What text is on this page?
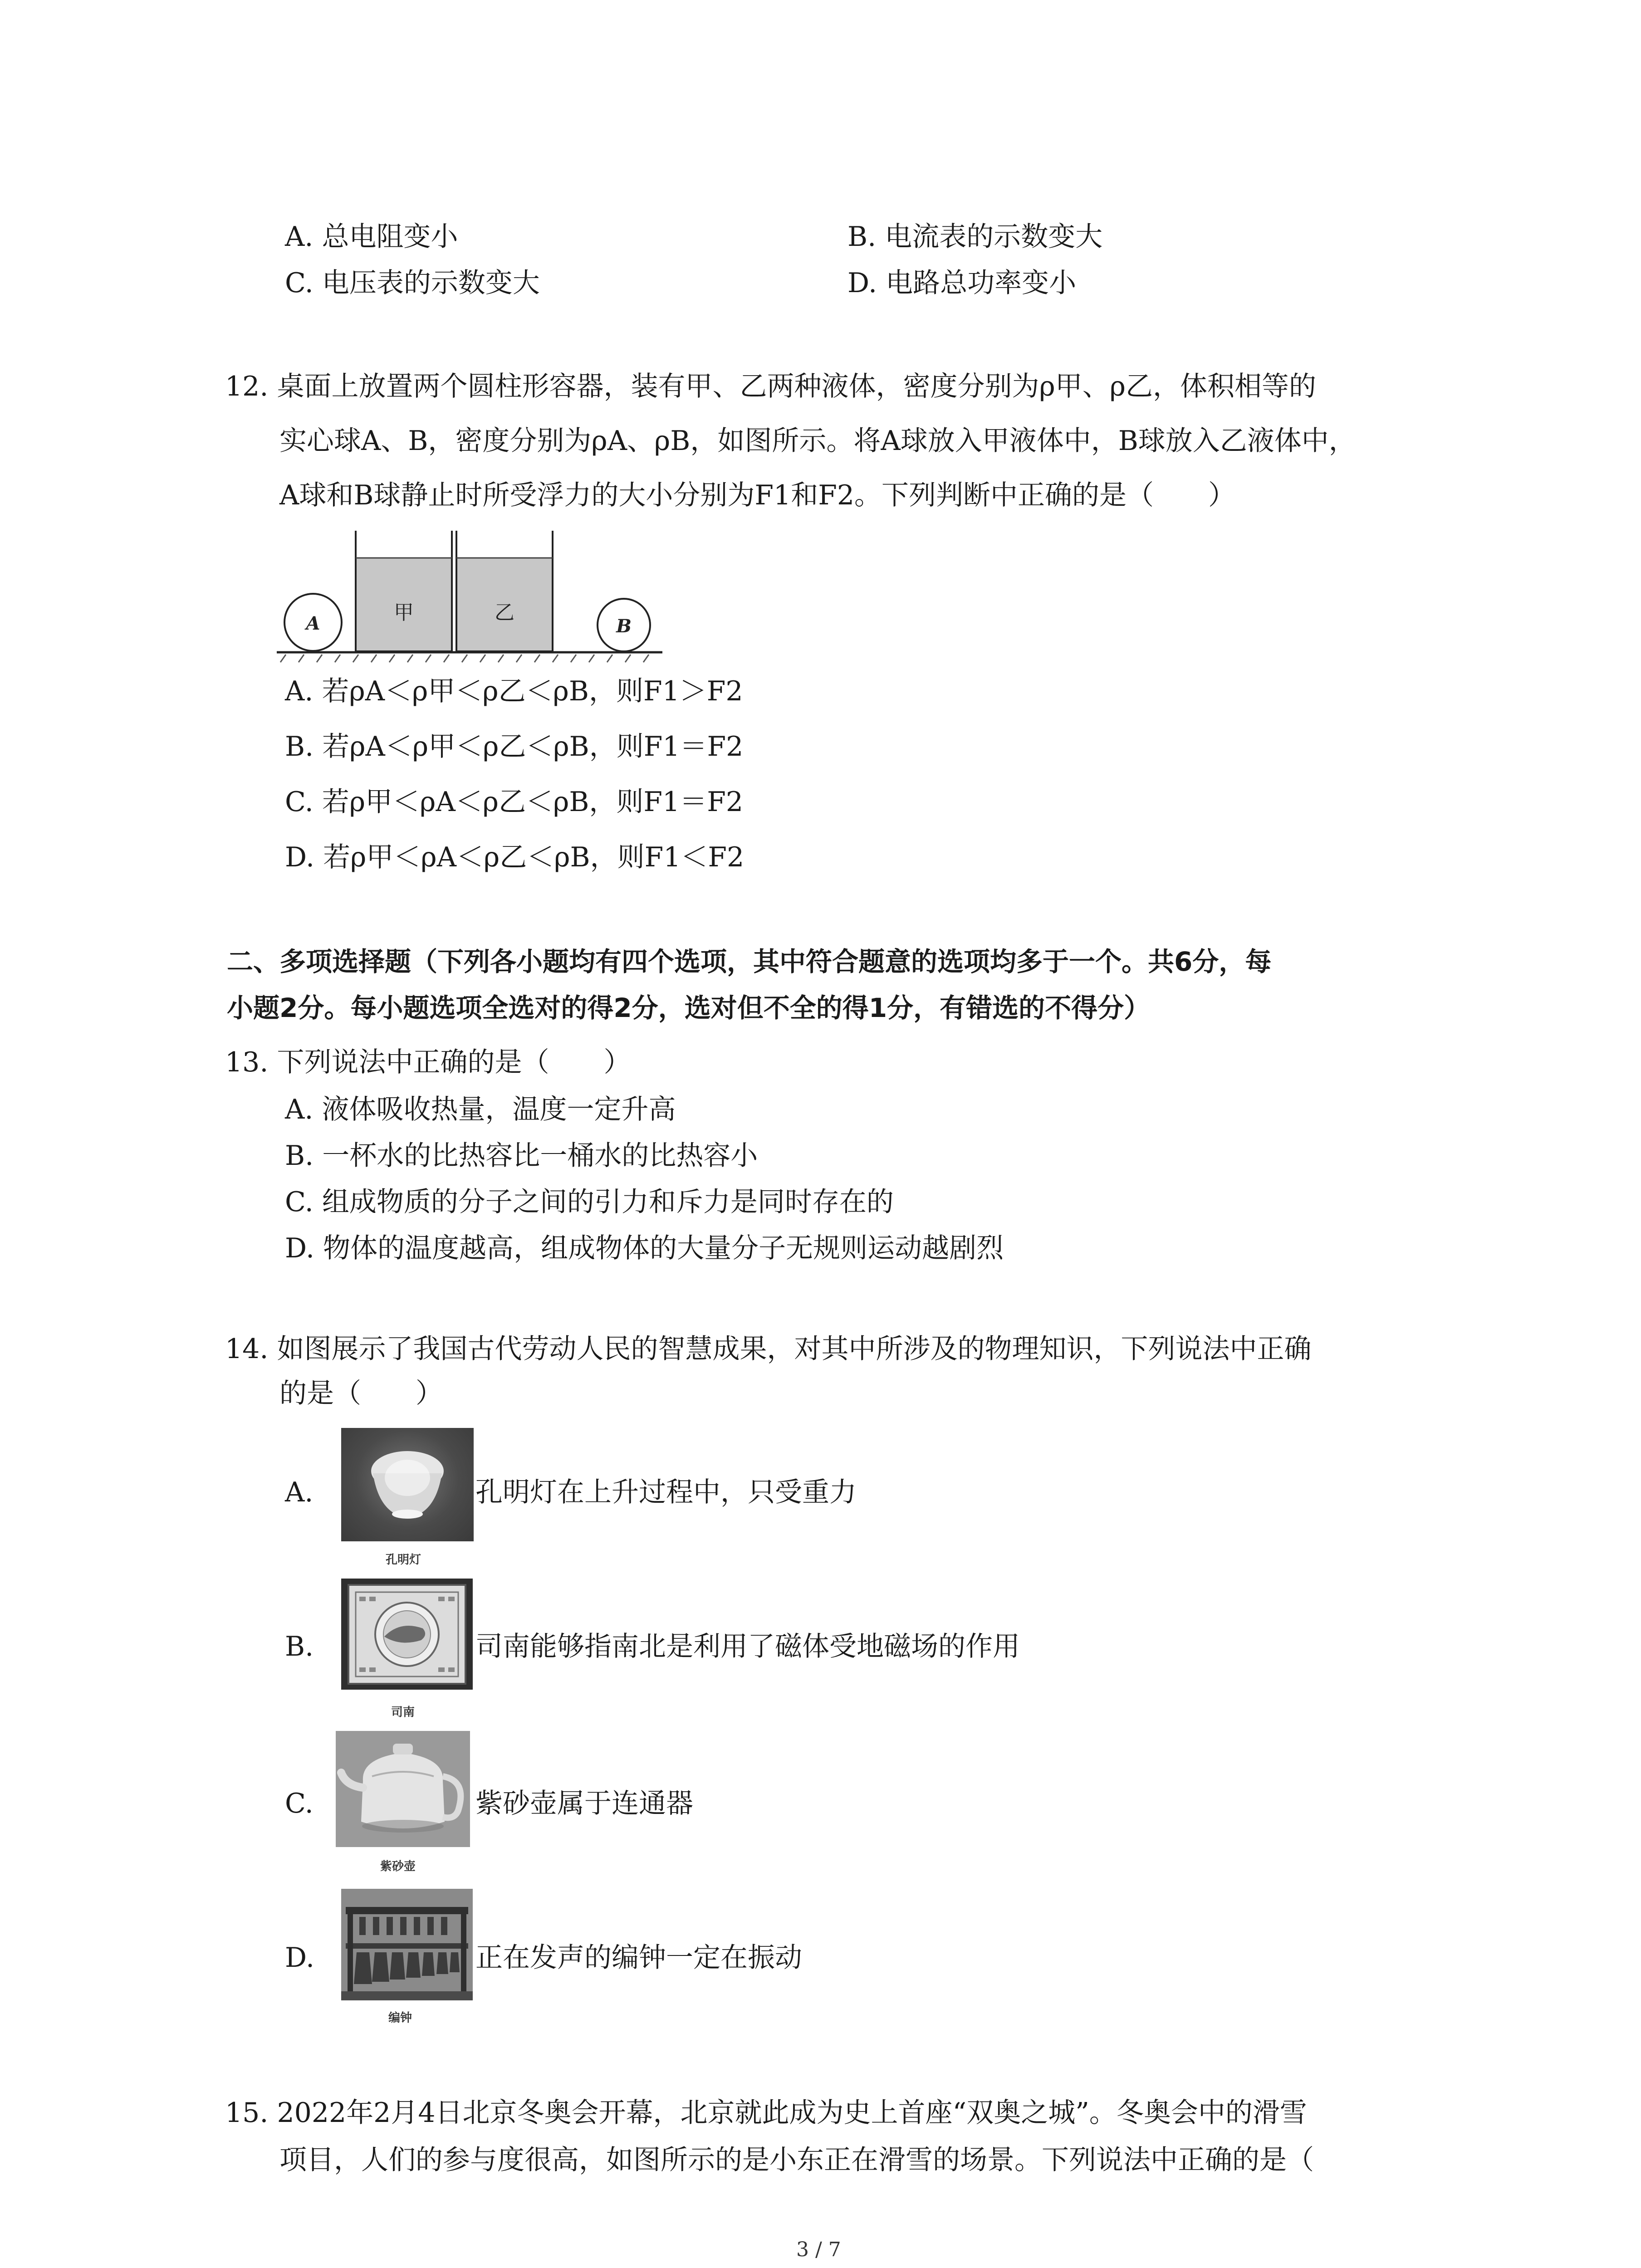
A. 总电阻变小	B. 电流表的示数变大
C. 电压表的示数变大	D. 电路总功率变小
12. 桌面上放置两个圆柱形容器，装有甲、乙两种液体，密度分别为ρ甲、ρ乙，体积相等的
实心球A、B，密度分别为ρA、ρB，如图所示。将A球放入甲液体中，B球放入乙液体中，
A球和B球静止时所受浮力的大小分别为F1和F2。下列判断中正确的是（　　）
甲	乙
A	B
A. 若ρA＜ρ甲＜ρ乙＜ρB，则F1＞F2
B. 若ρA＜ρ甲＜ρ乙＜ρB，则F1＝F2
C. 若ρ甲＜ρA＜ρ乙＜ρB，则F1＝F2
D. 若ρ甲＜ρA＜ρ乙＜ρB，则F1＜F2
二、多项选择题（下列各小题均有四个选项，其中符合题意的选项均多于一个。共6分，每
小题2分。每小题选项全选对的得2分，选对但不全的得1分，有错选的不得分）
13. 下列说法中正确的是（　　）
A. 液体吸收热量，温度一定升高
B. 一杯水的比热容比一桶水的比热容小
C. 组成物质的分子之间的引力和斥力是同时存在的
D. 物体的温度越高，组成物体的大量分子无规则运动越剧烈
14. 如图展示了我国古代劳动人民的智慧成果，对其中所涉及的物理知识，下列说法中正确
的是（　　）
A.
孔明灯
孔明灯在上升过程中，只受重力
B.
司南
司南能够指南北是利用了磁体受地磁场的作用
C.
紫砂壶
紫砂壶属于连通器
D.
编钟
正在发声的编钟一定在振动
15. 2022年2月4日北京冬奥会开幕，北京就此成为史上首座“双奥之城”。冬奥会中的滑雪
项目，人们的参与度很高，如图所示的是小东正在滑雪的场景。下列说法中正确的是（
3 / 7
